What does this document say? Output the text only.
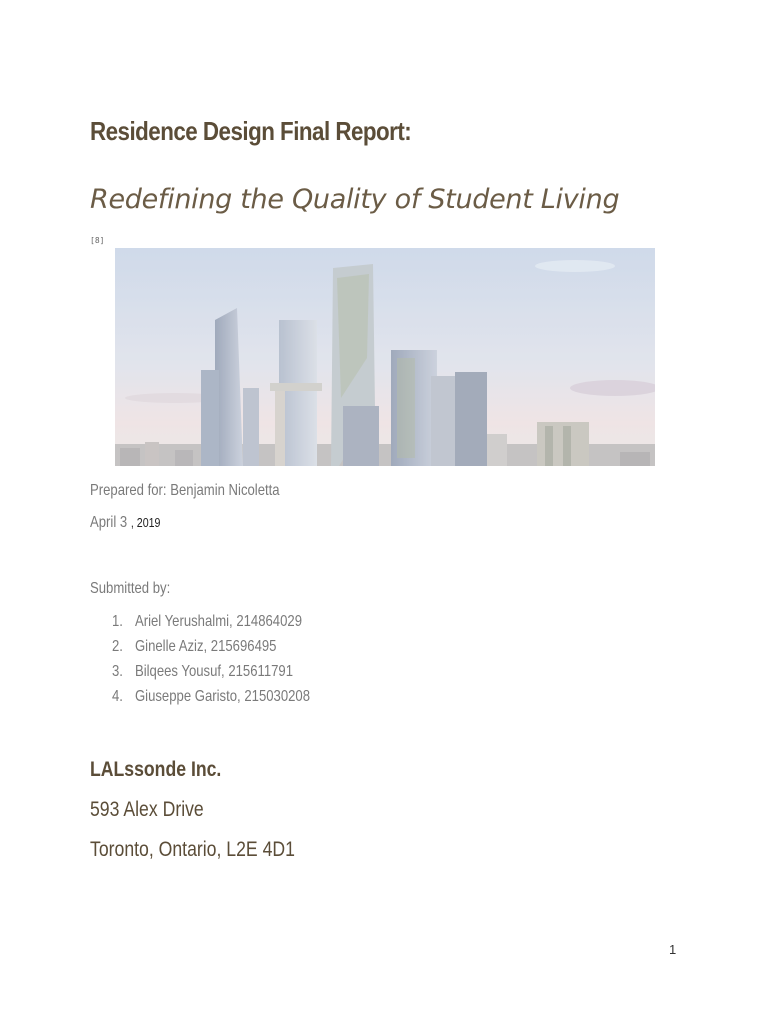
Residence Design Final Report:
Redefining the Quality of Student Living
[8]
Prepared for: Benjamin Nicoletta
April 3 , 2019
Submitted by:
1. Ariel Yerushalmi, 214864029
2. Ginelle Aziz, 215696495
3. Bilqees Yousuf, 215611791
4. Giuseppe Garisto, 215030208
LALssonde Inc.
593 Alex Drive
Toronto, Ontario, L2E 4D1
1
